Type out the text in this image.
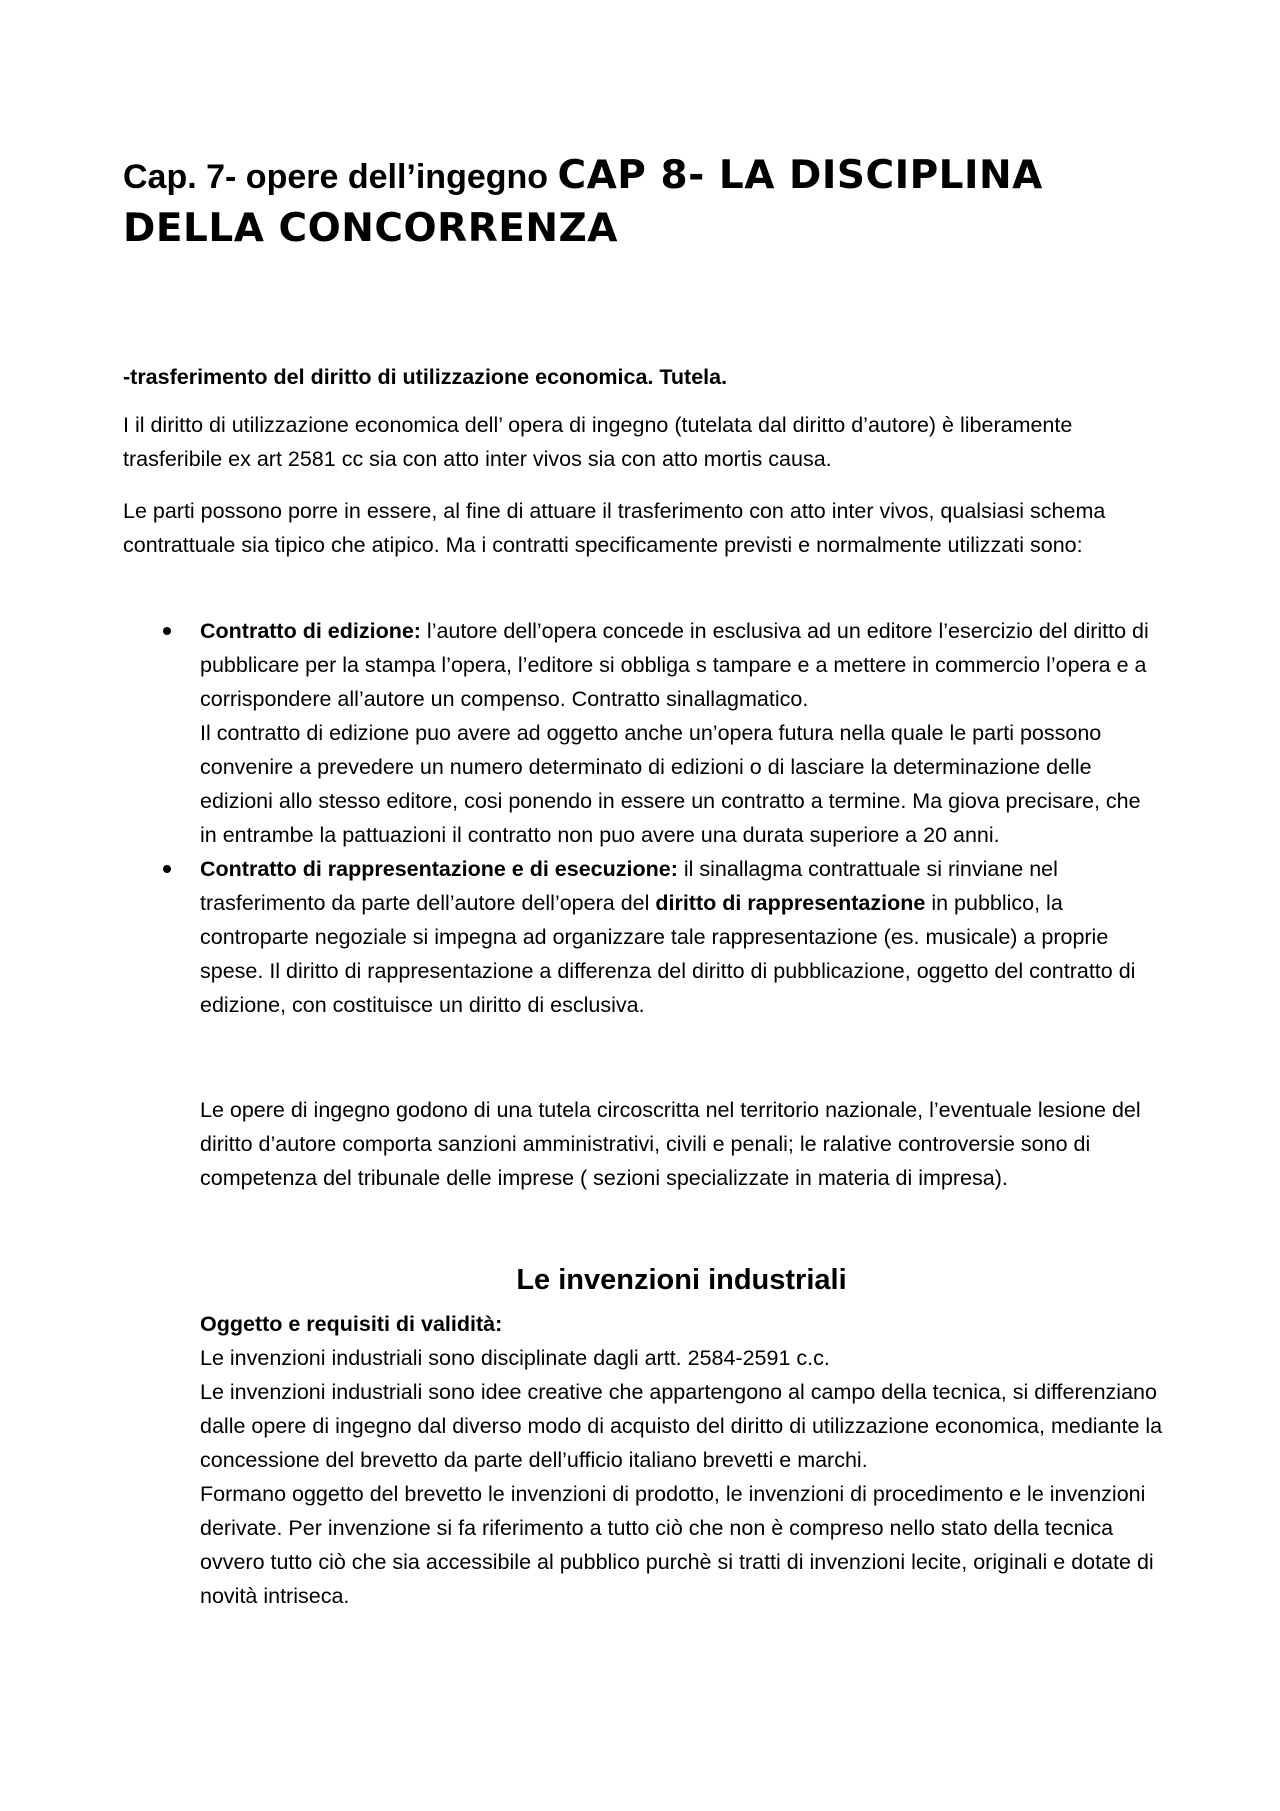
Cap. 7- opere dell’ingegno CAP 8- LA DISCIPLINA DELLA CONCORRENZA

-trasferimento del diritto di utilizzazione economica. Tutela.

I il diritto di utilizzazione economica dell’ opera di ingegno (tutelata dal diritto d’autore) è liberamente trasferibile ex art 2581 cc sia con atto inter vivos sia con atto mortis causa.

Le parti possono porre in essere, al fine di attuare il trasferimento con atto inter vivos, qualsiasi schema contrattuale sia tipico che atipico. Ma i contratti specificamente previsti e normalmente utilizzati sono:

Contratto di edizione: l’autore dell’opera concede in esclusiva ad un editore l’esercizio del diritto di pubblicare per la stampa l’opera, l’editore si obbliga s tampare e a mettere in commercio l’opera e a corrispondere all’autore un compenso. Contratto sinallagmatico.
Il contratto di edizione puo avere ad oggetto anche un’opera futura nella quale le parti possono convenire a prevedere un numero determinato di edizioni o di lasciare la determinazione delle edizioni allo stesso editore, cosi ponendo in essere un contratto a termine. Ma giova precisare, che in entrambe la pattuazioni il contratto non puo avere una durata superiore a 20 anni.
Contratto di rappresentazione e di esecuzione: il sinallagma contrattuale si rinviane nel trasferimento da parte dell’autore dell’opera del diritto di rappresentazione in pubblico, la controparte negoziale si impegna ad organizzare tale rappresentazione (es. musicale) a proprie spese. Il diritto di rappresentazione a differenza del diritto di pubblicazione, oggetto del contratto di edizione, con costituisce un diritto di esclusiva.

Le opere di ingegno godono di una tutela circoscritta nel territorio nazionale, l’eventuale lesione del diritto d’autore comporta sanzioni amministrativi, civili e penali; le ralative controversie sono di competenza del tribunale delle imprese ( sezioni specializzate in materia di impresa).

Le invenzioni industriali
Oggetto e requisiti di validità:
Le invenzioni industriali sono disciplinate dagli artt. 2584-2591 c.c.
Le invenzioni industriali sono idee creative che appartengono al campo della tecnica, si differenziano dalle opere di ingegno dal diverso modo di acquisto del diritto di utilizzazione economica, mediante la concessione del brevetto da parte dell’ufficio italiano brevetti e marchi.
Formano oggetto del brevetto le invenzioni di prodotto, le invenzioni di procedimento e le invenzioni derivate. Per invenzione si fa riferimento a tutto ciò che non è compreso nello stato della tecnica ovvero tutto ciò che sia accessibile al pubblico purchè si tratti di invenzioni lecite, originali e dotate di novità intriseca.
